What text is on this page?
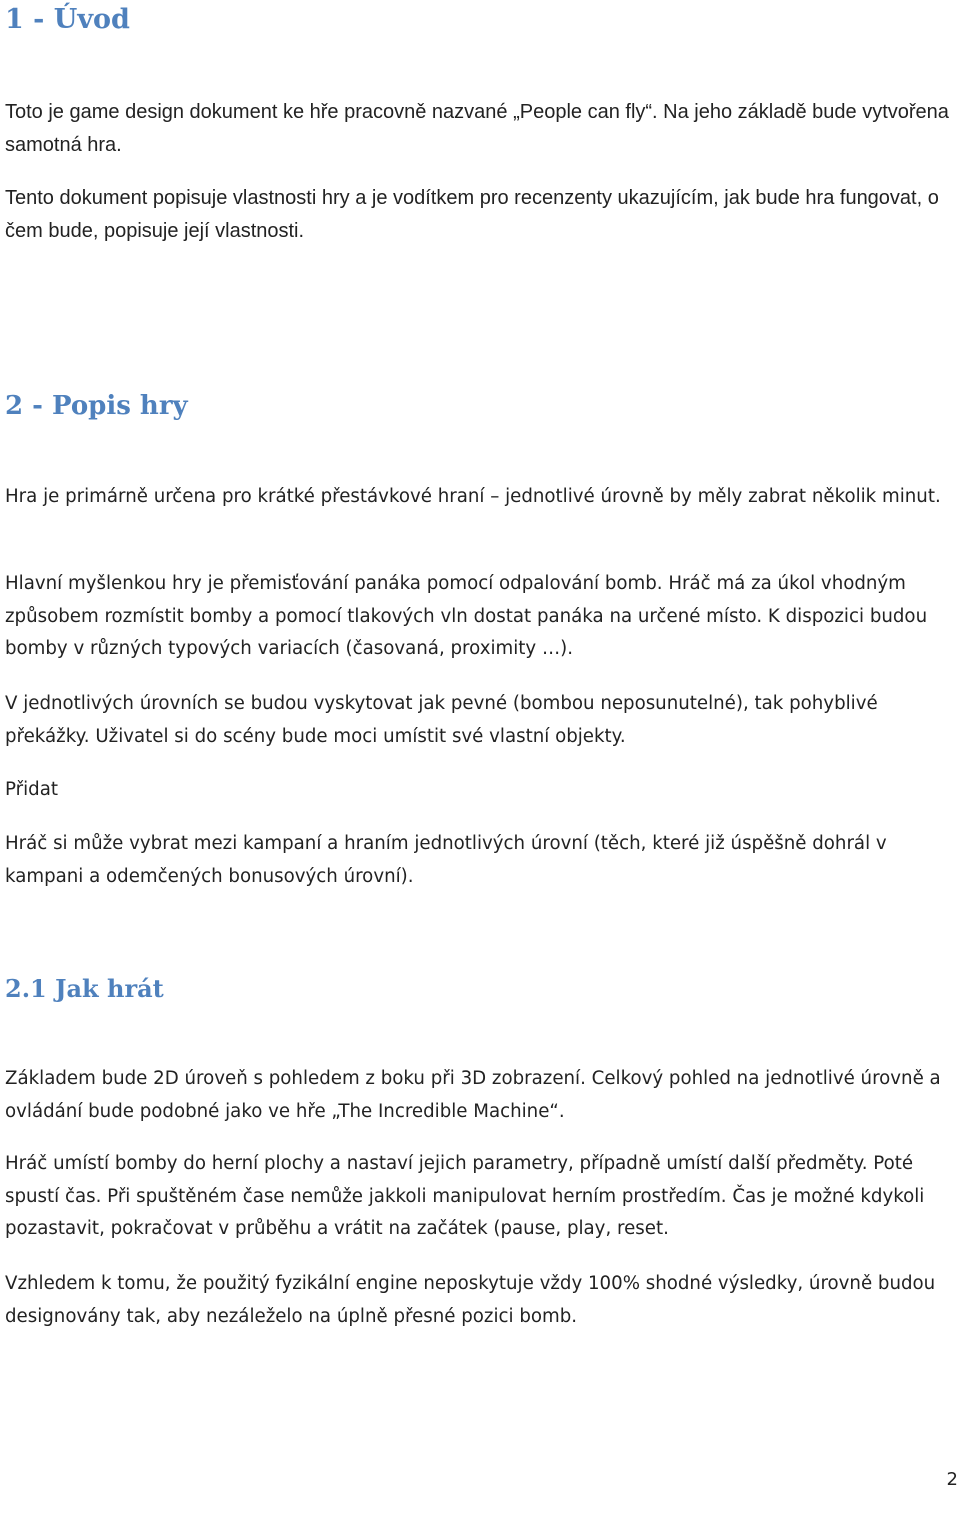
1 - Úvod

Toto je game design dokument ke hře pracovně nazvané „People can fly“. Na jeho základě bude vytvořena samotná hra.

Tento dokument popisuje vlastnosti hry a je vodítkem pro recenzenty ukazujícím, jak bude hra fungovat, o čem bude, popisuje její vlastnosti.

2 - Popis hry

Hra je primárně určena pro krátké přestávkové hraní – jednotlivé úrovně by měly zabrat několik minut.

Hlavní myšlenkou hry je přemisťování panáka pomocí odpalování bomb. Hráč má za úkol vhodným způsobem rozmístit bomby a pomocí tlakových vln dostat panáka na určené místo. K dispozici budou bomby v různých typových variacích (časovaná, proximity …).

V jednotlivých úrovních se budou vyskytovat jak pevné (bombou neposunutelné), tak pohyblivé překážky. Uživatel si do scény bude moci umístit své vlastní objekty.

Přidat

Hráč si může vybrat mezi kampaní a hraním jednotlivých úrovní (těch, které již úspěšně dohrál v kampani a odemčených bonusových úrovní).

2.1 Jak hrát

Základem bude 2D úroveň s pohledem z boku při 3D zobrazení. Celkový pohled na jednotlivé úrovně a ovládání bude podobné jako ve hře „The Incredible Machine“.

Hráč umístí bomby do herní plochy a nastaví jejich parametry, případně umístí další předměty. Poté spustí čas. Při spuštěném čase nemůže jakkoli manipulovat herním prostředím. Čas je možné kdykoli pozastavit, pokračovat v průběhu a vrátit na začátek (pause, play, reset.

Vzhledem k tomu, že použitý fyzikální engine neposkytuje vždy 100% shodné výsledky, úrovně budou designovány tak, aby nezáleželo na úplně přesné pozici bomb.

2
